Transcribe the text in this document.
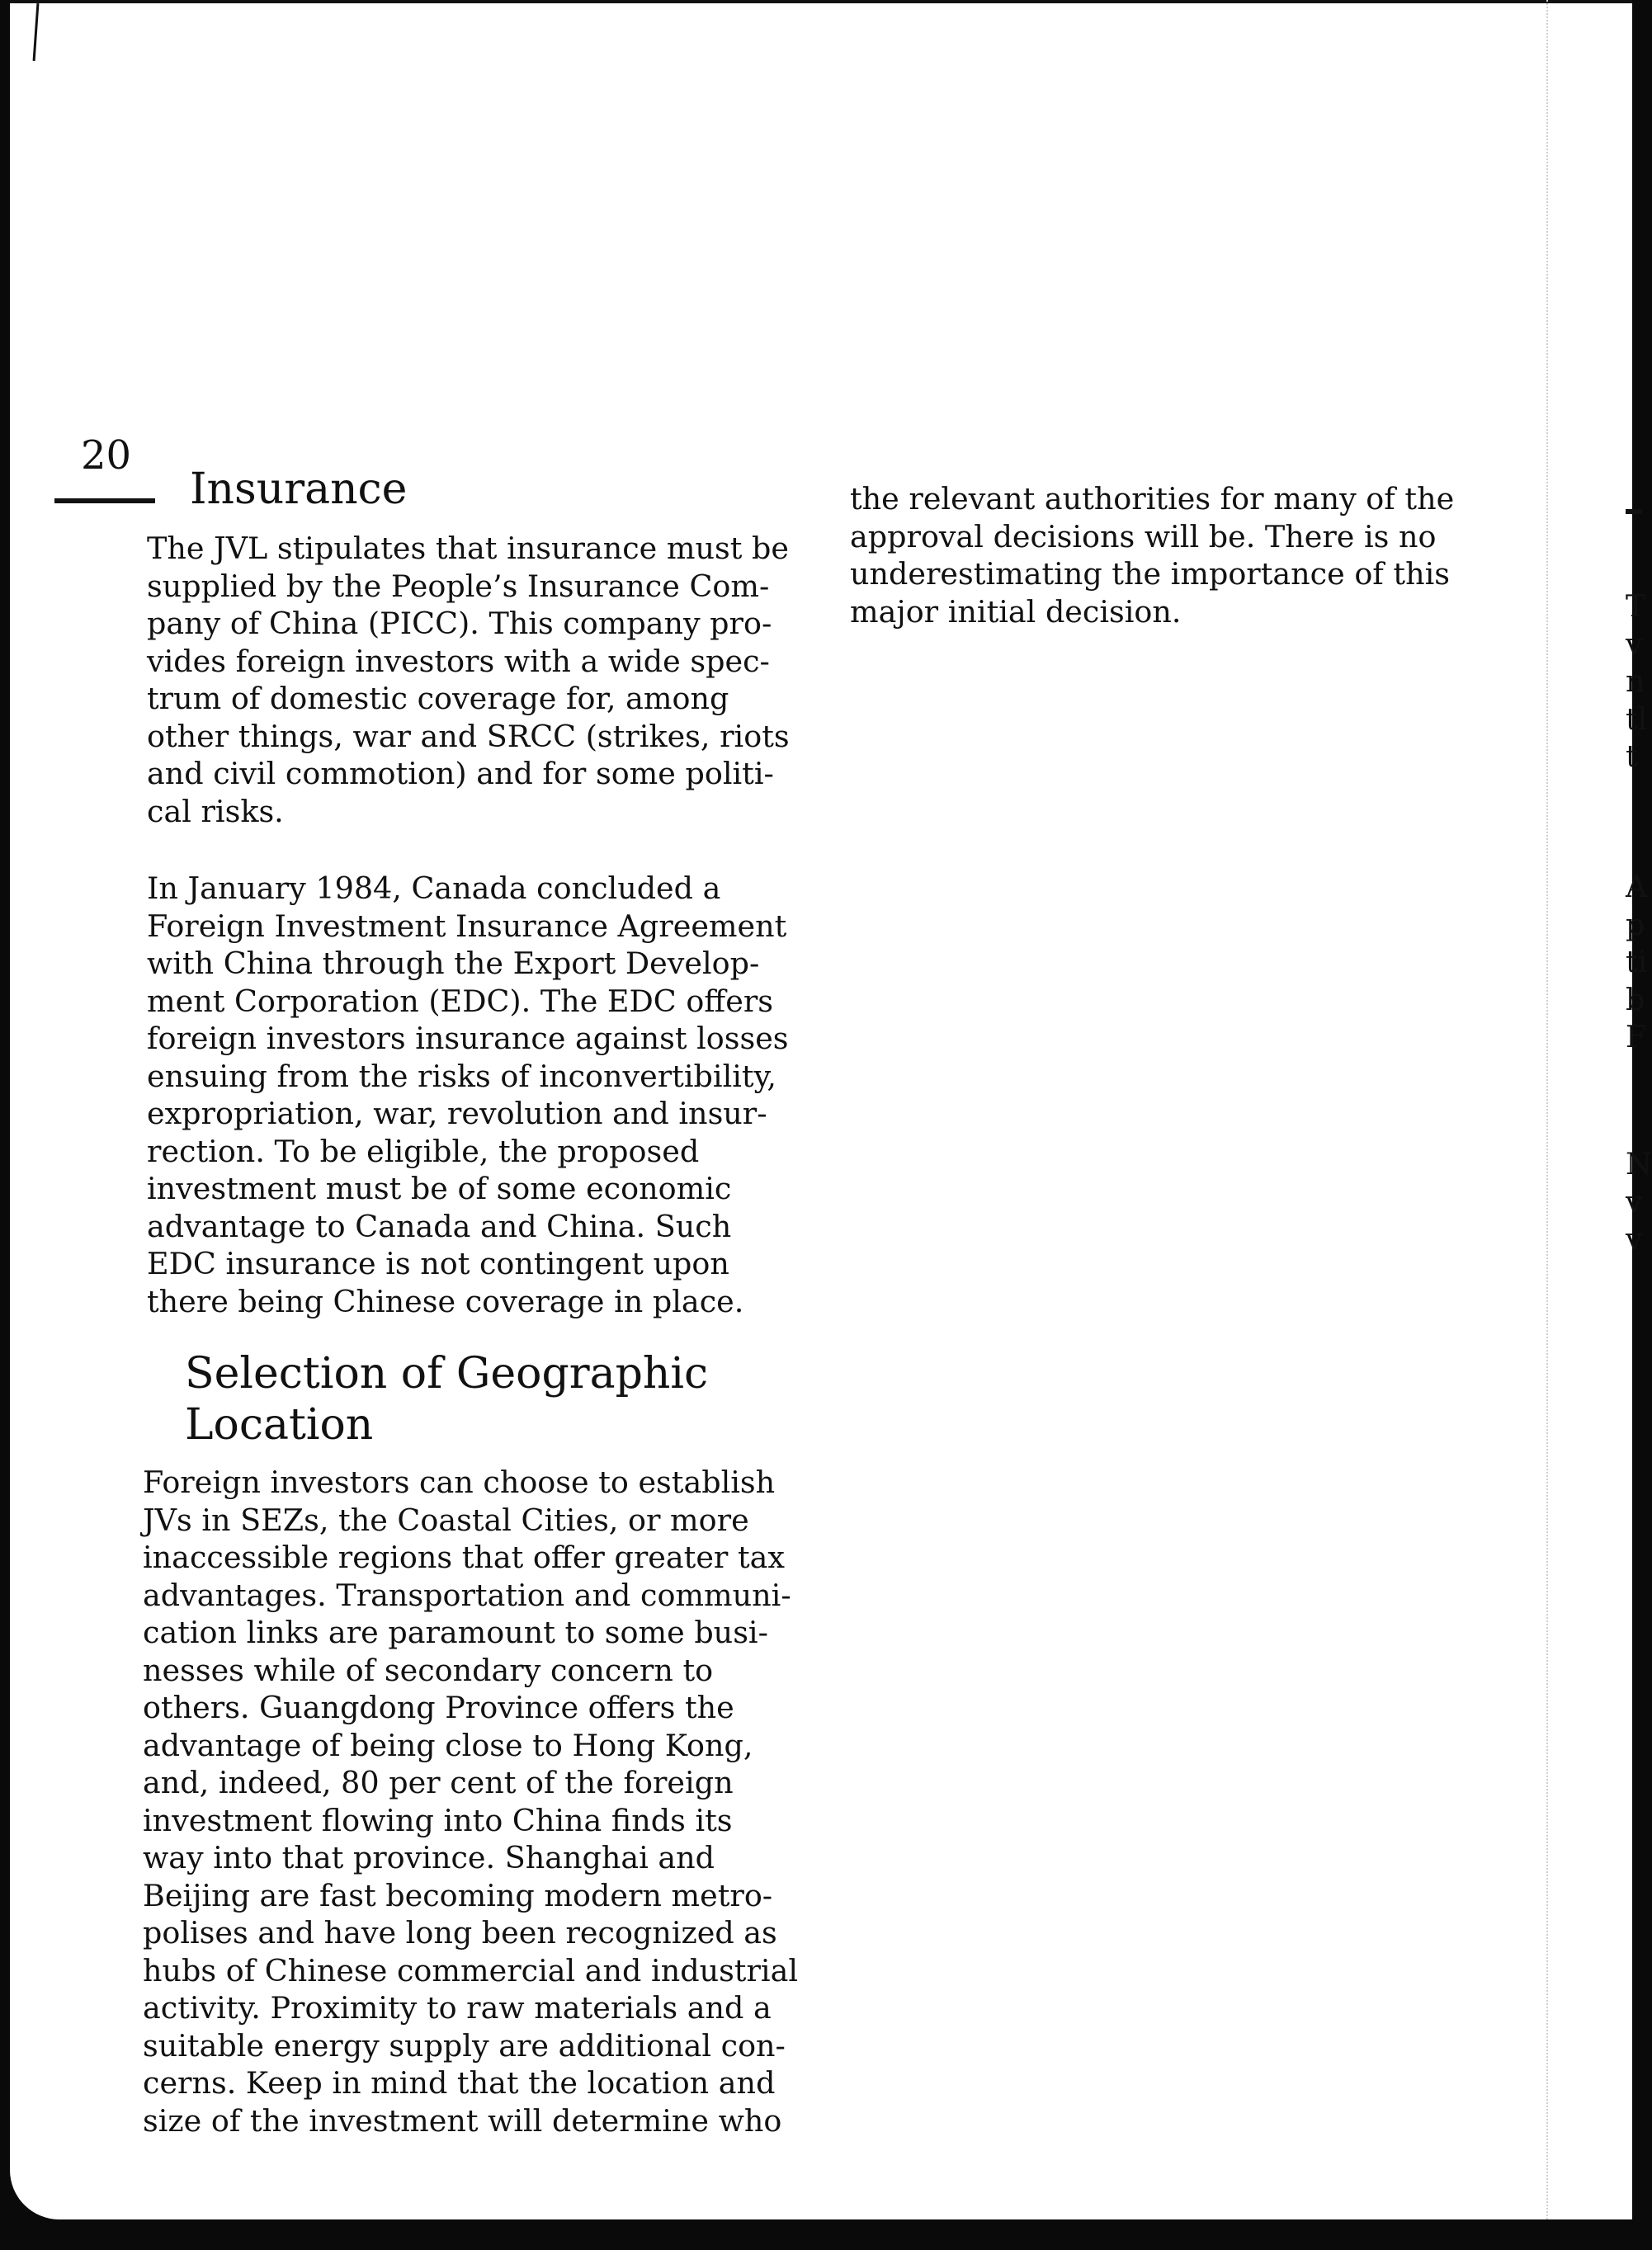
20
Insurance

The JVL stipulates that insurance must be
supplied by the People’s Insurance Com-
pany of China (PICC). This company pro-
vides foreign investors with a wide spec-
trum of domestic coverage for, among
other things, war and SRCC (strikes, riots
and civil commotion) and for some politi-
cal risks.

In January 1984, Canada concluded a
Foreign Investment Insurance Agreement
with China through the Export Develop-
ment Corporation (EDC). The EDC offers
foreign investors insurance against losses
ensuing from the risks of inconvertibility,
expropriation, war, revolution and insur-
rection. To be eligible, the proposed
investment must be of some economic
advantage to Canada and China. Such
EDC insurance is not contingent upon
there being Chinese coverage in place.

Selection of Geographic
Location

Foreign investors can choose to establish
JVs in SEZs, the Coastal Cities, or more
inaccessible regions that offer greater tax
advantages. Transportation and communi-
cation links are paramount to some busi-
nesses while of secondary concern to
others. Guangdong Province offers the
advantage of being close to Hong Kong,
and, indeed, 80 per cent of the foreign
investment flowing into China finds its
way into that province. Shanghai and
Beijing are fast becoming modern metro-
polises and have long been recognized as
hubs of Chinese commercial and industrial
activity. Proximity to raw materials and a
suitable energy supply are additional con-
cerns. Keep in mind that the location and
size of the investment will determine who

the relevant authorities for many of the
approval decisions will be. There is no
underestimating the importance of this
major initial decision.	T
v
n
tl
t
A
p
ti
b
F
N
v
v
